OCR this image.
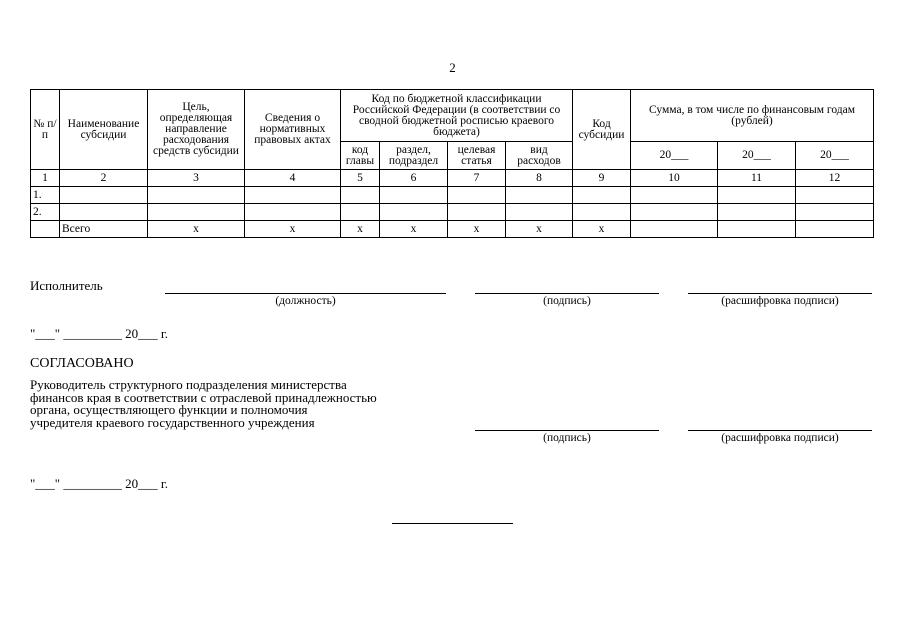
2
№ п/п	Наименование субсидии	Цель, определяющая направление расходования средств субсидии	Сведения о нормативных правовых актах	Код по бюджетной классификации Российской Федерации (в соответствии со сводной бюджетной росписью краевого бюджета)				Код субсидии	Сумма, в том числе по финансовым годам (рублей)		
				код главы	раздел, подраздел	целевая статья	вид расходов		20___	20___	20___
1	2	3	4	5	6	7	8	9	10	11	12
1.											
2.											
	Всего	х	х	х	х	х	х	х			
Исполнитель
(должность)	(подпись)	(расшифровка подписи)
"___" _________ 20___ г.
СОГЛАСОВАНО
Руководитель структурного подразделения министерства
финансов края в соответствии с отраслевой принадлежностью
органа, осуществляющего функции и полномочия
учредителя краевого государственного учреждения
(подпись)	(расшифровка подписи)
"___" _________ 20___ г.
